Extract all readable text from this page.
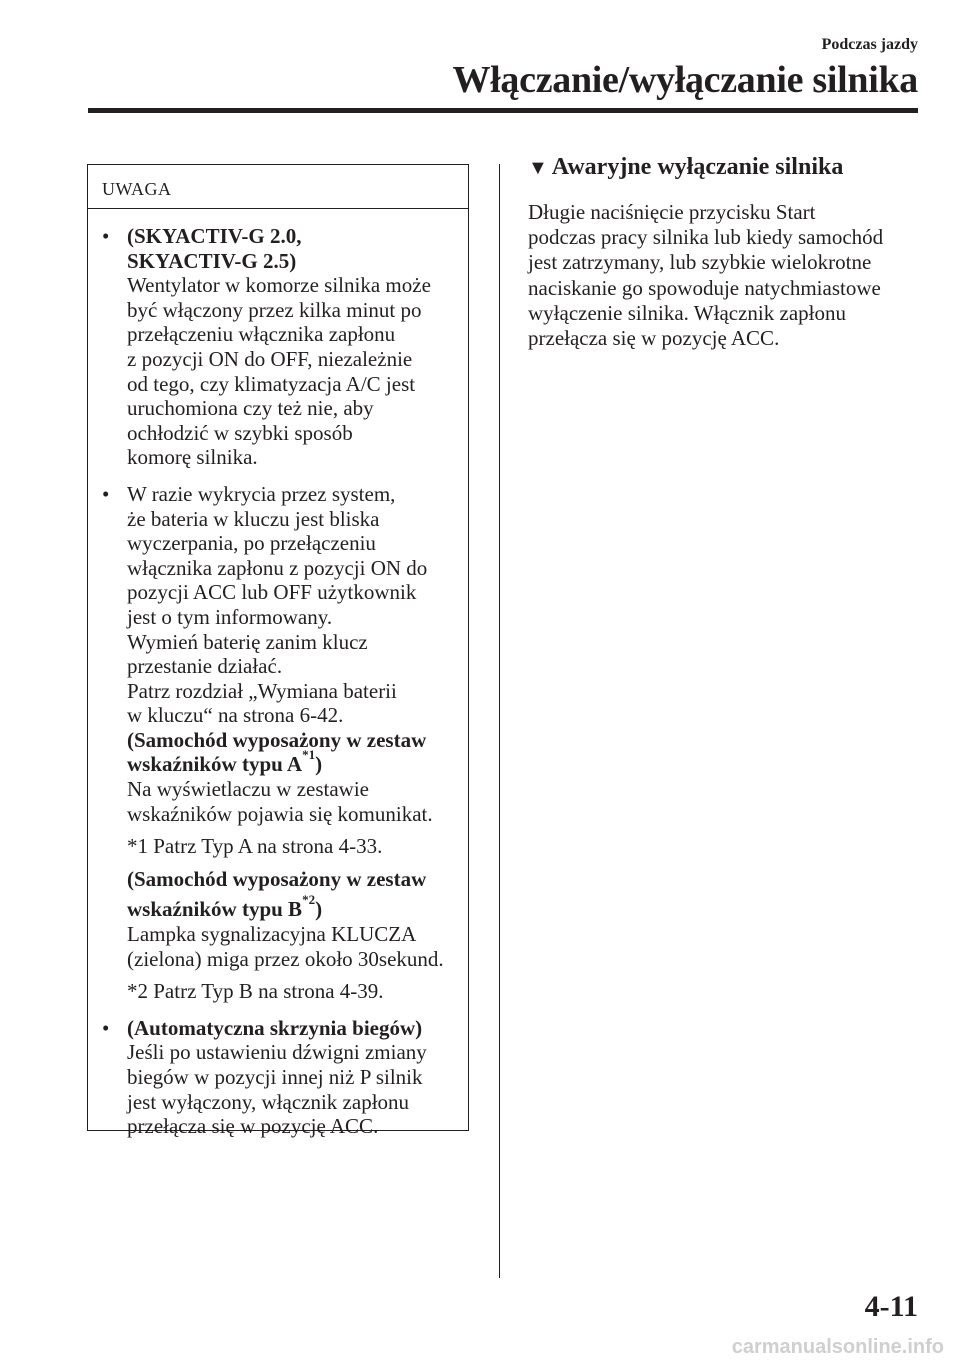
Podczas jazdy
Włączanie/wyłączanie silnika
UWAGA
• (SKYACTIV-G 2.0,
SKYACTIV-G 2.5)
Wentylator w komorze silnika może
być włączony przez kilka minut po
przełączeniu włącznika zapłonu
z pozycji ON do OFF, niezależnie
od tego, czy klimatyzacja A/C jest
uruchomiona czy też nie, aby
ochłodzić w szybki sposób
komorę silnika.
• W razie wykrycia przez system,
że bateria w kluczu jest bliska
wyczerpania, po przełączeniu
włącznika zapłonu z pozycji ON do
pozycji ACC lub OFF użytkownik
jest o tym informowany.
Wymień baterię zanim klucz
przestanie działać.
Patrz rozdział „Wymiana baterii
w kluczu“ na strona 6-42.
(Samochód wyposażony w zestaw
wskaźników typu $A^{*1}$)
Na wyświetlaczu w zestawie
wskaźników pojawia się komunikat.
*1 Patrz Typ A na strona 4-33.
(Samochód wyposażony w zestaw
wskaźników typu $B^{*2}$)
Lampka sygnalizacyjna KLUCZA
(zielona) miga przez około 30sekund.
*2 Patrz Typ B na strona 4-39.
• (Automatyczna skrzynia biegów)
Jeśli po ustawieniu dźwigni zmiany
biegów w pozycji innej niż P silnik
jest wyłączony, włącznik zapłonu
przełącza się w pozycję ACC.
▼ Awaryjne wyłączanie silnika
Długie naciśnięcie przycisku Start
podczas pracy silnika lub kiedy samochód
jest zatrzymany, lub szybkie wielokrotne
naciskanie go spowoduje natychmiastowe
wyłączenie silnika. Włącznik zapłonu
przełącza się w pozycję ACC.
4-11
carmanualsonline.info
